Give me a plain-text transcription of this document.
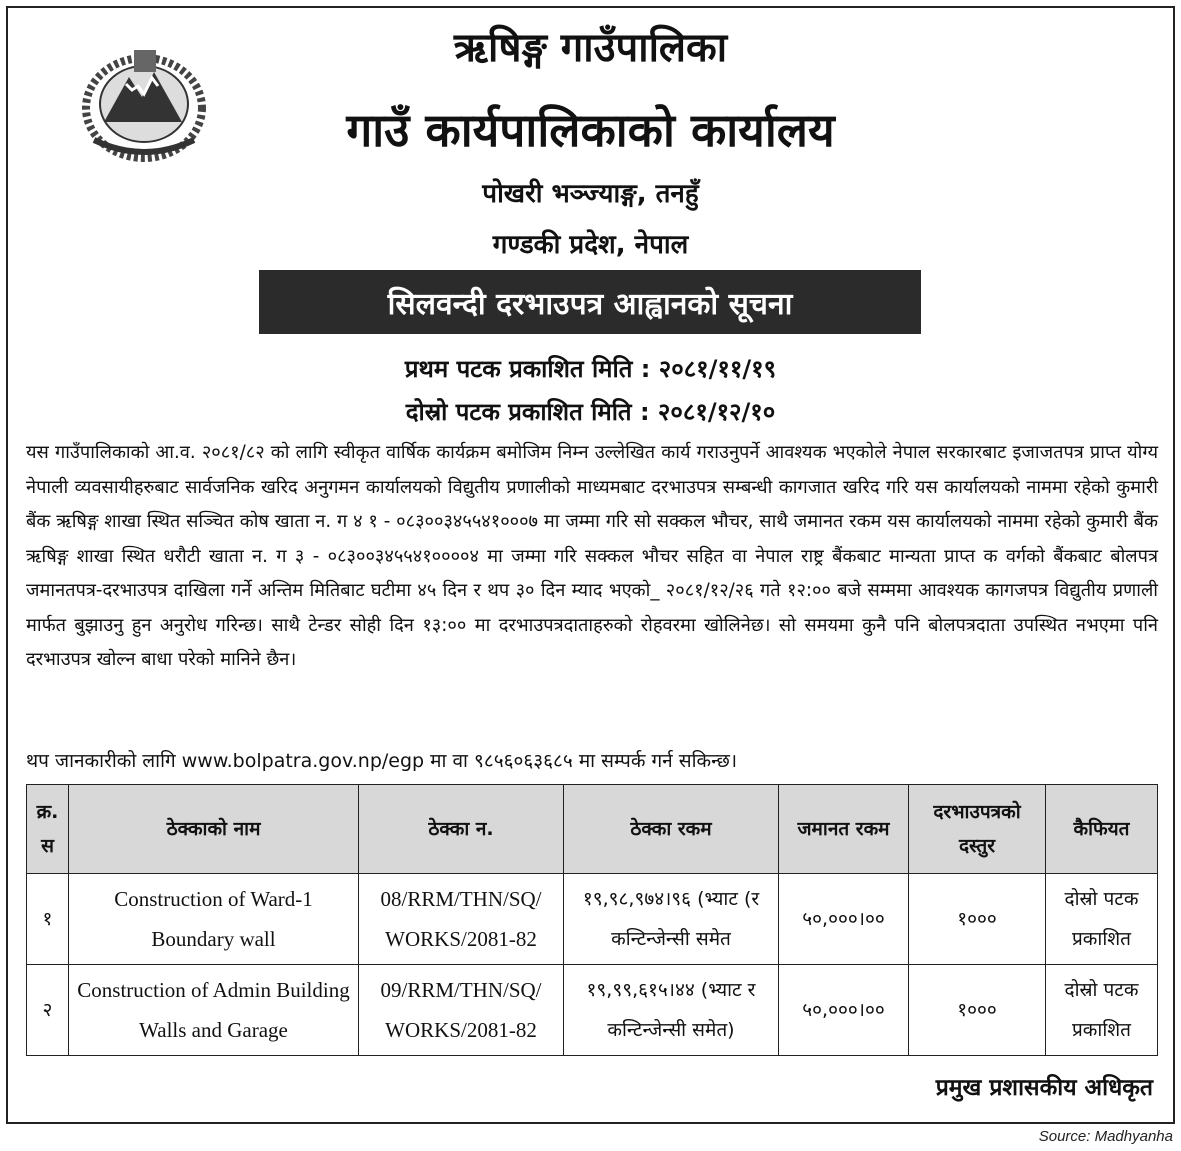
ऋषिङ्ग गाउँपालिका
गाउँ कार्यपालिकाको कार्यालय
पोखरी भञ्ज्याङ्ग, तनहुँ
गण्डकी प्रदेश, नेपाल
सिलवन्दी दरभाउपत्र आह्वानको सूचना
प्रथम पटक प्रकाशित मिति : २०८१/११/१९
दोस्रो पटक प्रकाशित मिति : २०८१/१२/१०

यस गाउँपालिकाको आ.व. २०८१/८२ को लागि स्वीकृत वार्षिक कार्यक्रम बमोजिम निम्न उल्लेखित कार्य गराउनुपर्ने आवश्यक भएकोले नेपाल सरकारबाट इजाजतपत्र प्राप्त योग्य नेपाली व्यवसायीहरुबाट सार्वजनिक खरिद अनुगमन कार्यालयको विद्युतीय प्रणालीको माध्यमबाट दरभाउपत्र सम्बन्धी कागजात खरिद गरि यस कार्यालयको नाममा रहेको कुमारी बैंक ऋषिङ्ग शाखा स्थित सञ्चित कोष खाता न. ग ४ १ - ०८३००३४५५४१०००७ मा जम्मा गरि सो सक्कल भौचर, साथै जमानत रकम यस कार्यालयको नाममा रहेको कुमारी बैंक ऋषिङ्ग शाखा स्थित धरौटी खाता न. ग ३ - ०८३००३४५५४१००००४ मा जम्मा गरि सक्कल भौचर सहित वा नेपाल राष्ट्र बैंकबाट मान्यता प्राप्त क वर्गको बैंकबाट बोलपत्र जमानतपत्र-दरभाउपत्र दाखिला गर्ने अन्तिम मितिबाट घटीमा ४५ दिन र थप ३० दिन म्याद भएको_ २०८१/१२/२६ गते १२:०० बजे सम्ममा आवश्यक कागजपत्र विद्युतीय प्रणाली मार्फत बुझाउनु हुन अनुरोध गरिन्छ। साथै टेन्डर सोही दिन १३:०० मा दरभाउपत्रदाताहरुको रोहवरमा खोलिनेछ। सो समयमा कुनै पनि बोलपत्रदाता उपस्थित नभएमा पनि दरभाउपत्र खोल्न बाधा परेको मानिने छैन।

थप जानकारीको लागि www.bolpatra.gov.np/egp मा वा ९८५६०६३६८५ मा सम्पर्क गर्न सकिन्छ।
क्र. स	ठेक्काको नाम	ठेक्का न.	ठेक्का रकम	जमानत रकम	दरभाउपत्रको दस्तुर	कैफियत
१	Construction of Ward-1 Boundary wall	08/RRM/THN/SQ/ WORKS/2081-82	१९,९८,९७४।९६ (भ्याट (र कन्टिन्जेन्सी समेत	५०,०००।००	१०००	दोस्रो पटक प्रकाशित
२	Construction of Admin Building Walls and Garage	09/RRM/THN/SQ/ WORKS/2081-82	१९,९९,६१५।४४ (भ्याट र कन्टिन्जेन्सी समेत)	५०,०००।००	१०००	दोस्रो पटक प्रकाशित
प्रमुख प्रशासकीय अधिकृत
Source: Madhyanha
